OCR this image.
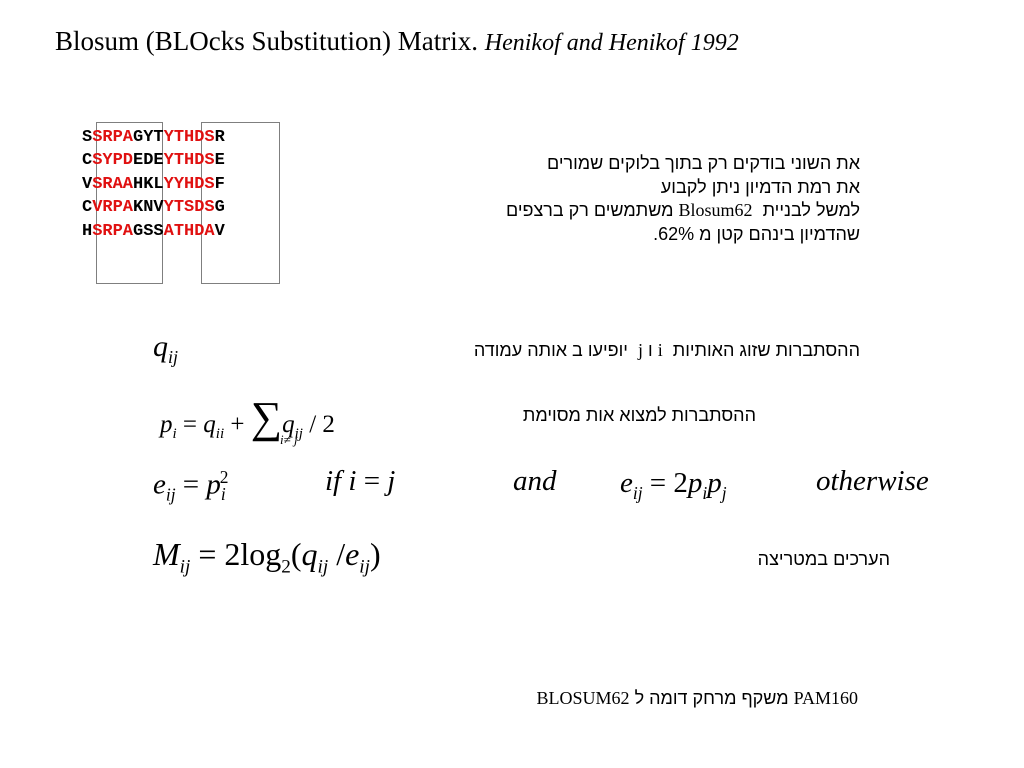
Blosum (BLOcks Substitution) Matrix. Henikof and Henikof 1992
SSRPAGYTYTHDSR
CSYPDEDEYTHDSE
VSRAAHKLYYHDSF
CVRPAKNVYTSDSG
HSRPAGSSATHDAV
את השוני בודקים רק בתוך בלוקים שמורים
את רמת הדמיון ניתן לקבוע
למשל לבניית  Blosum62 משתמשים רק ברצפים
שהדמיון בינהם קטן מ 62%.
$q_{ij}$	ההסתברות שזוג האותיות  i ו j  יופיעו ב אותה עמודה
$p_i = q_{ii} + \sum q_{ij} / 2$
i≠ j
ההסתברות למצוא אות מסוימת
$e_{ij} = p_i^2$	if i = j	and $e_{ij} = 2p_ip_j$	otherwise
$M_{ij} = 2\log_2(q_{ij}$ $/e_{ij}$)	הערכים במטריצה
BLOSUM62 משקף מרחק דומה ל PAM160
